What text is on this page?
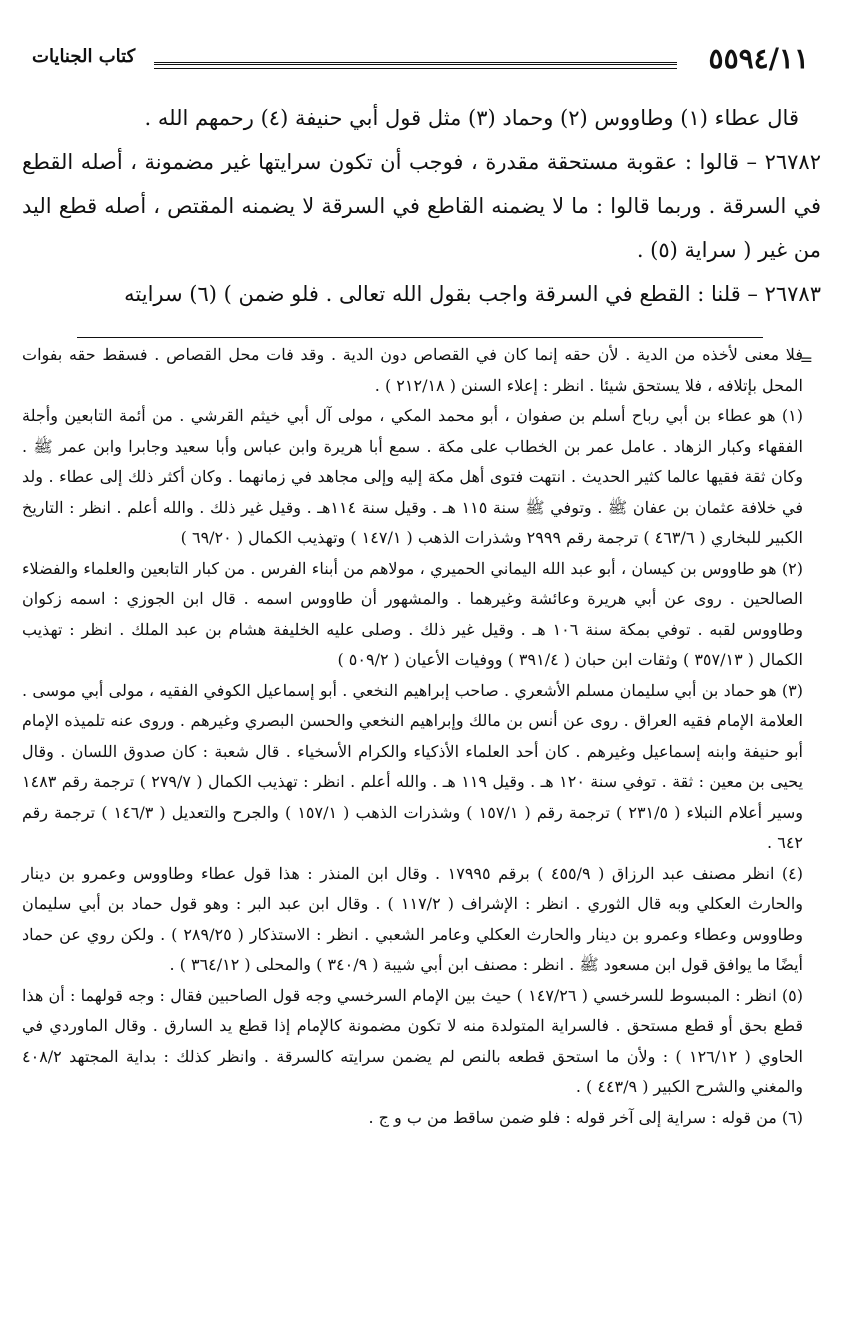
٥٥٩٤/١١
كتاب الجنايات

قال عطاء (١) وطاووس (٢) وحماد (٣) مثل قول أبي حنيفة (٤) رحمهم الله .

٢٦٧٨٢ – قالوا : عقوبة مستحقة مقدرة ، فوجب أن تكون سرايتها غير مضمونة ، أصله القطع في السرقة . وربما قالوا : ما لا يضمنه القاطع في السرقة لا يضمنه المقتص ، أصله قطع اليد من غير ( سراية (٥) .

٢٦٧٨٣ – قلنا : القطع في السرقة واجب بقول الله تعالى . فلو ضمن ) (٦) سرايته

=

فلا معنى لأخذه من الدية . لأن حقه إنما كان في القصاص دون الدية . وقد فات محل القصاص . فسقط حقه بفوات المحل بإتلافه ، فلا يستحق شيئا . انظر : إعلاء السنن ( ٢١٢/١٨ ) .

(١) هو عطاء بن أبي رباح أسلم بن صفوان ، أبو محمد المكي ، مولى آل أبي خيثم القرشي . من أئمة التابعين وأجلة الفقهاء وكبار الزهاد . عامل عمر بن الخطاب على مكة . سمع أبا هريرة وابن عباس وأبا سعيد وجابرا وابن عمر ﷺ . وكان ثقة فقيها عالما كثير الحديث . انتهت فتوى أهل مكة إليه وإلى مجاهد في زمانهما . وكان أكثر ذلك إلى عطاء . ولد في خلافة عثمان بن عفان ﷺ . وتوفي ﷺ سنة ١١٥ هـ . وقيل سنة ١١٤هـ . وقيل غير ذلك . والله أعلم . انظر : التاريخ الكبير للبخاري ( ٤٦٣/٦ ) ترجمة رقم ٢٩٩٩ وشذرات الذهب ( ١٤٧/١ ) وتهذيب الكمال ( ٦٩/٢٠ )

(٢) هو طاووس بن كيسان ، أبو عبد الله اليماني الحميري ، مولاهم من أبناء الفرس . من كبار التابعين والعلماء والفضلاء الصالحين . روى عن أبي هريرة وعائشة وغيرهما . والمشهور أن طاووس اسمه . قال ابن الجوزي : اسمه زكوان وطاووس لقبه . توفي بمكة سنة ١٠٦ هـ . وقيل غير ذلك . وصلى عليه الخليفة هشام بن عبد الملك . انظر : تهذيب الكمال ( ٣٥٧/١٣ ) وثقات ابن حبان ( ٣٩١/٤ ) ووفيات الأعيان ( ٥٠٩/٢ )

(٣) هو حماد بن أبي سليمان مسلم الأشعري . صاحب إبراهيم النخعي . أبو إسماعيل الكوفي الفقيه ، مولى أبي موسى . العلامة الإمام فقيه العراق . روى عن أنس بن مالك وإبراهيم النخعي والحسن البصري وغيرهم . وروى عنه تلميذه الإمام أبو حنيفة وابنه إسماعيل وغيرهم . كان أحد العلماء الأذكياء والكرام الأسخياء . قال شعبة : كان صدوق اللسان . وقال يحيى بن معين : ثقة . توفي سنة ١٢٠ هـ . وقيل ١١٩ هـ . والله أعلم . انظر : تهذيب الكمال ( ٢٧٩/٧ ) ترجمة رقم ١٤٨٣ وسير أعلام النبلاء ( ٢٣١/٥ ) ترجمة رقم ( ١٥٧/١ ) وشذرات الذهب ( ١٥٧/١ ) والجرح والتعديل ( ١٤٦/٣ ) ترجمة رقم ٦٤٢ .

(٤) انظر مصنف عبد الرزاق ( ٤٥٥/٩ ) برقم ١٧٩٩٥ . وقال ابن المنذر : هذا قول عطاء وطاووس وعمرو بن دينار والحارث العكلي وبه قال الثوري . انظر : الإشراف ( ١١٧/٢ ) . وقال ابن عبد البر : وهو قول حماد بن أبي سليمان وطاووس وعطاء وعمرو بن دينار والحارث العكلي وعامر الشعبي . انظر : الاستذكار ( ٢٨٩/٢٥ ) . ولكن روي عن حماد أيضًا ما يوافق قول ابن مسعود ﷺ . انظر : مصنف ابن أبي شيبة ( ٣٤٠/٩ ) والمحلى ( ٣٦٤/١٢ ) .

(٥) انظر : المبسوط للسرخسي ( ١٤٧/٢٦ ) حيث بين الإمام السرخسي وجه قول الصاحبين فقال : وجه قولهما : أن هذا قطع بحق أو قطع مستحق . فالسراية المتولدة منه لا تكون مضمونة كالإمام إذا قطع يد السارق . وقال الماوردي في الحاوي ( ١٢٦/١٢ ) : ولأن ما استحق قطعه بالنص لم يضمن سرايته كالسرقة . وانظر كذلك : بداية المجتهد ٤٠٨/٢ والمغني والشرح الكبير ( ٤٤٣/٩ ) .

(٦) من قوله : سراية إلى آخر قوله : فلو ضمن ساقط من ب و ج .
